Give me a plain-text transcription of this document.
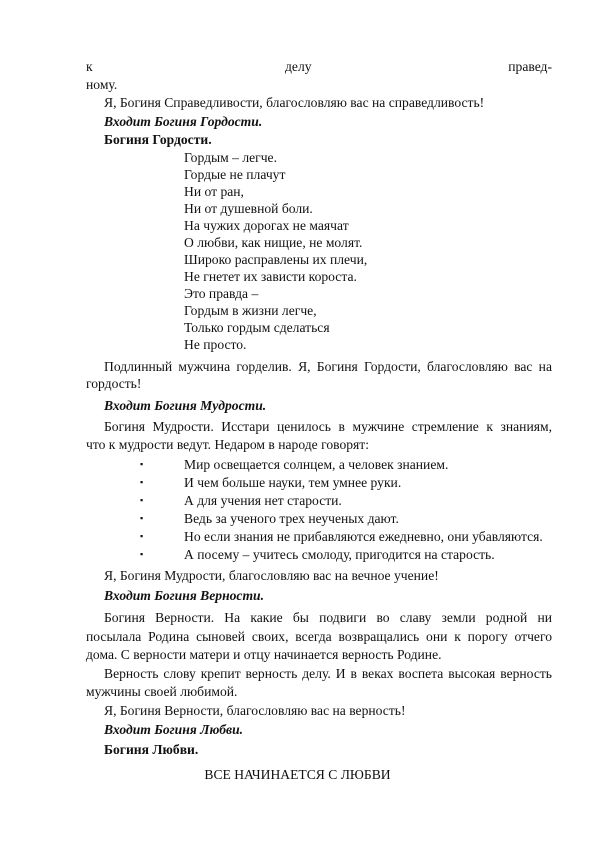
к	делу	правед-
ному.
Я, Богиня Справедливости, благословляю вас на справедливость!
Входит Богиня Гордости.
Богиня Гордости.
Гордым – легче.
Гордые не плачут
Ни от ран,
Ни от душевной боли.
На чужих дорогах не маячат
О любви, как нищие, не молят.
Широко расправлены их плечи,
Не гнетет их зависти короста.
Это правда –
Гордым в жизни легче,
Только гордым сделаться
Не просто.
Подлинный мужчина горделив. Я, Богиня Гордости, благословляю вас на
гордость!
Входит Богиня Мудрости.
Богиня Мудрости. Исстари ценилось в мужчине стремление к знаниям,
что к мудрости ведут. Недаром в народе говорят:
▪	Мир освещается солнцем, а человек знанием.
▪	И чем больше науки, тем умнее руки.
▪	А для учения нет старости.
▪	Ведь за ученого трех неученых дают.
▪	Но если знания не прибавляются ежедневно, они убавляются.
▪	А посему – учитесь смолоду, пригодится на старость.
Я, Богиня Мудрости, благословляю вас на вечное учение!
Входит Богиня Верности.
Богиня Верности. На какие бы подвиги во славу земли родной ни
посылала Родина сыновей своих, всегда возвращались они к порогу отчего
дома. С верности матери и отцу начинается верность Родине.
Верность слову крепит верность делу. И в веках воспета высокая верность
мужчины своей любимой.
Я, Богиня Верности, благословляю вас на верность!
Входит Богиня Любви.
Богиня Любви.
ВСЕ НАЧИНАЕТСЯ С ЛЮБВИ
